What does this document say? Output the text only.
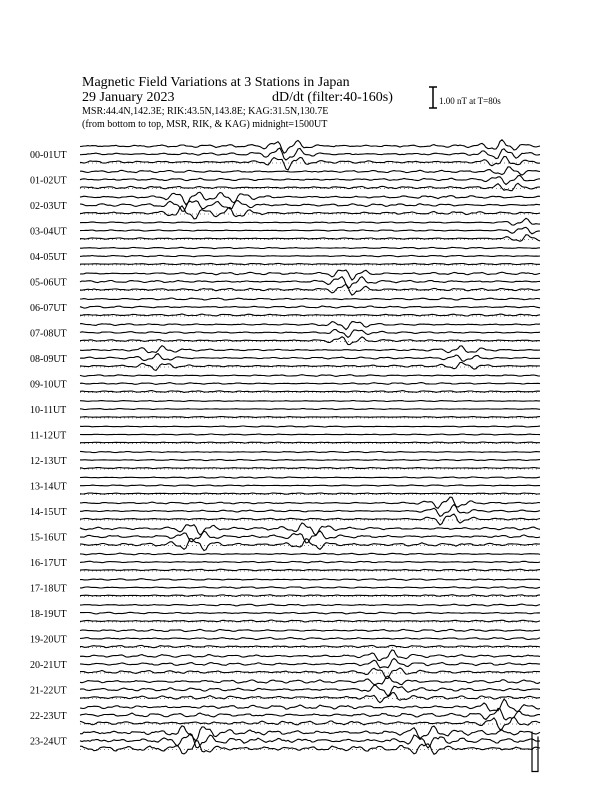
Magnetic Field Variations at 3 Stations in Japan
29 January 2023	dD/dt (filter:40-160s)
MSR:44.4N,142.3E; RIK:43.5N,143.8E; KAG:31.5N,130.7E
(from bottom to top, MSR, RIK, & KAG) midnight=1500UT
1.00 nT at T=80s
00-01UT
01-02UT
02-03UT
03-04UT
04-05UT
05-06UT
06-07UT
07-08UT
08-09UT
09-10UT
10-11UT
11-12UT
12-13UT
13-14UT
14-15UT
15-16UT
16-17UT
17-18UT
18-19UT
19-20UT
20-21UT
21-22UT
22-23UT
23-24UT
